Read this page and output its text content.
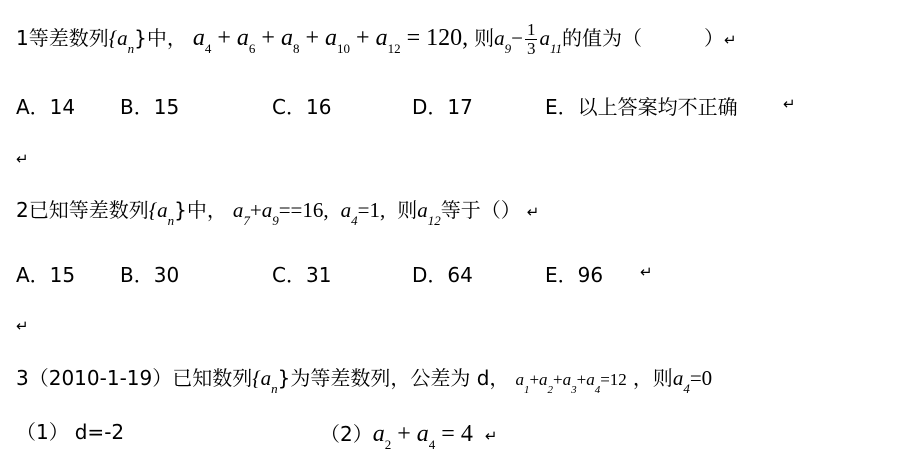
1等差数列$\{a_n\}$中， $a_4 + a_6 + a_8 + a_{10} + a_{12} = 120$, 则$a_9- \frac{1}{3} a_{11}$的值为（	）↵
A．14 B．15	C．16	D．17	E．以上答案均不正确	↵
↵
2已知等差数列$\{a_n\}$中， $a_7+a_9==16$, $a_4=1$, 则$a_{12}$等于（） ↵
A．15 B．30	C．31	D．64	E．96 ↵
↵
3（2010-1-19）已知数列$\{a_n\}$为等差数列，公差为 d， $a_1+a_2+a_3+a_4=12$ ，则$a_4=0$
（1） d=-2	$(2)a_2 + a_4 = 4$ ↵
